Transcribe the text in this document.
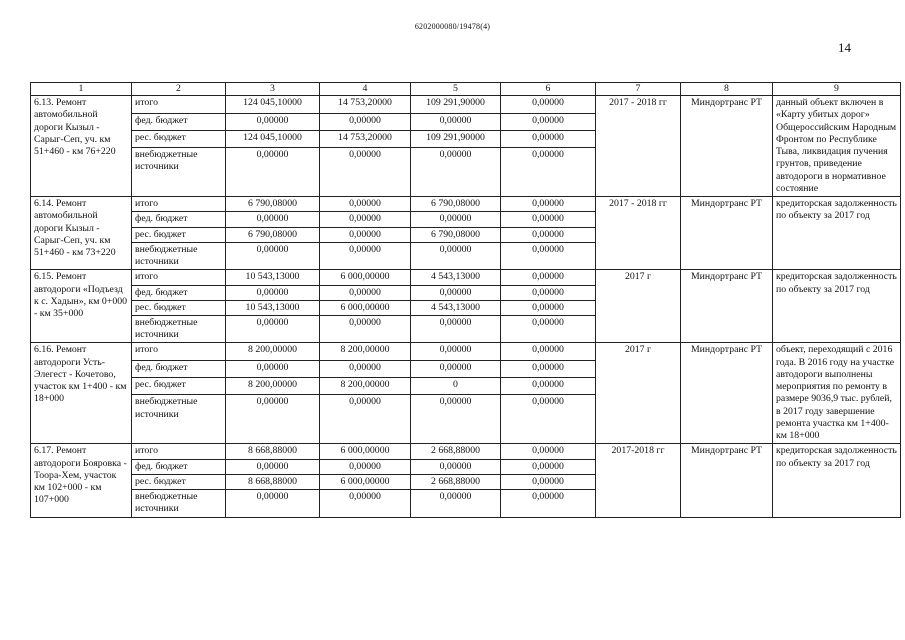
6202000080/19478(4)
14
1	2	3	4	5	6	7	8	9
6.13. Ремонт автомобильной дороги Кызыл - Сарыг-Сеп, уч. км 51+460 - км 76+220	итого	124 045,10000	14 753,20000	109 291,90000	0,00000	2017 - 2018 гг	Миндортранс РТ	данный объект включен в «Карту убитых дорог» Общероссийским Народным Фронтом по Республике Тыва, ликвидация пучения грунтов, приведение автодороги в нормативное состояние
	фед. бюджет	0,00000	0,00000	0,00000	0,00000			
	рес. бюджет	124 045,10000	14 753,20000	109 291,90000	0,00000			
	внебюджетные источники	0,00000	0,00000	0,00000	0,00000			
6.14. Ремонт автомобильной дороги Кызыл - Сарыг-Сеп, уч. км 51+460 - км 73+220	итого	6 790,08000	0,00000	6 790,08000	0,00000	2017 - 2018 гг	Миндортранс РТ	кредиторская задолженность по объекту за 2017 год
	фед. бюджет	0,00000	0,00000	0,00000	0,00000			
	рес. бюджет	6 790,08000	0,00000	6 790,08000	0,00000			
	внебюджетные источники	0,00000	0,00000	0,00000	0,00000			
6.15. Ремонт автодороги «Подъезд к с. Хадын», км 0+000 - км 35+000	итого	10 543,13000	6 000,00000	4 543,13000	0,00000	2017 г	Миндортранс РТ	кредиторская задолженность по объекту за 2017 год
	фед. бюджет	0,00000	0,00000	0,00000	0,00000			
	рес. бюджет	10 543,13000	6 000,00000	4 543,13000	0,00000			
	внебюджетные источники	0,00000	0,00000	0,00000	0,00000			
6.16. Ремонт автодороги Усть-Элегест - Кочетово, участок км 1+400 - км 18+000	итого	8 200,00000	8 200,00000	0,00000	0,00000	2017 г	Миндортранс РТ	объект, переходящий с 2016 года. В 2016 году на участке автодороги выполнены мероприятия по ремонту в размере 9036,9 тыс. рублей, в 2017 году завершение ремонта участка км 1+400- км 18+000
	фед. бюджет	0,00000	0,00000	0,00000	0,00000			
	рес. бюджет	8 200,00000	8 200,00000	0	0,00000			
	внебюджетные источники	0,00000	0,00000	0,00000	0,00000			
6.17. Ремонт автодороги Бояровка - Тоора-Хем, участок км 102+000 - км 107+000	итого	8 668,88000	6 000,00000	2 668,88000	0,00000	2017-2018 гг	Миндортранс РТ	кредиторская задолженность по объекту за 2017 год
	фед. бюджет	0,00000	0,00000	0,00000	0,00000			
	рес. бюджет	8 668,88000	6 000,00000	2 668,88000	0,00000			
	внебюджетные источники	0,00000	0,00000	0,00000	0,00000			
